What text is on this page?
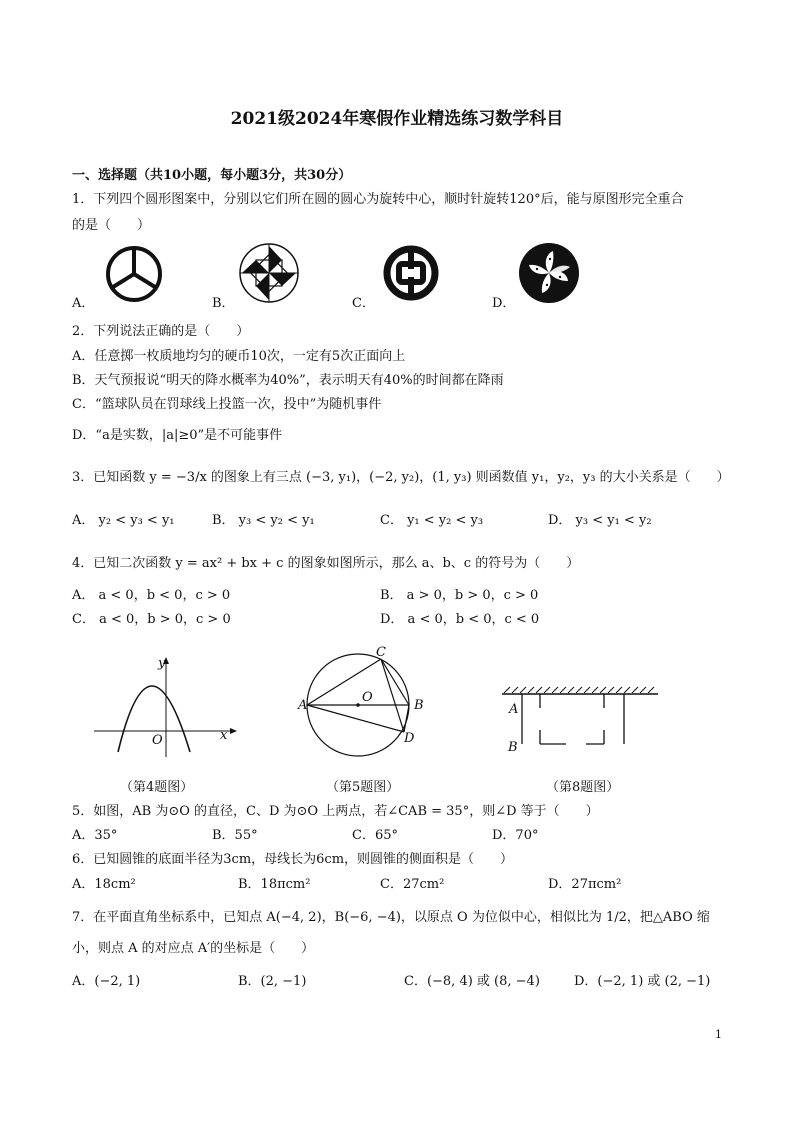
2021级2024年寒假作业精选练习数学科目
一、选择题（共10小题，每小题3分，共30分）
1．下列四个圆形图案中，分别以它们所在圆的圆心为旋转中心，顺时针旋转120°后，能与原图形完全重合
的是（　　）
A．	B．	C．	D．
2．下列说法正确的是（　　）
A．任意掷一枚质地均匀的硬币10次，一定有5次正面向上
B．天气预报说“明天的降水概率为40%”，表示明天有40%的时间都在降雨
C．“篮球队员在罚球线上投篮一次，投中”为随机事件
D．“a是实数，|a|≥0”是不可能事件
3．已知函数 y = −3/x 的图象上有三点 (−3, y₁)，(−2, y₂)，(1, y₃) 则函数值 y₁，y₂，y₃ 的大小关系是（　　）
A． y₂ < y₃ < y₁	B． y₃ < y₂ < y₁	C． y₁ < y₂ < y₃	D． y₃ < y₁ < y₂
4．已知二次函数 y = ax² + bx + c 的图象如图所示，那么 a、b、c 的符号为（　　）
A． a < 0，b < 0，c > 0	B． a > 0，b > 0，c > 0
C． a < 0，b > 0，c > 0	D． a < 0，b < 0，c < 0
y
x
O
C
A	B
O
D
A
B
（第4题图）	（第5题图）	（第8题图）
5．如图，AB 为⊙O 的直径，C、D 为⊙O 上两点，若∠CAB = 35°，则∠D 等于（　　）
A．35°	B．55°	C．65°	D．70°
6．已知圆锥的底面半径为3cm，母线长为6cm，则圆锥的侧面积是（　　）
A．18cm²	B．18πcm²	C．27cm²	D．27πcm²
7．在平面直角坐标系中，已知点 A(−4, 2)，B(−6, −4)，以原点 O 为位似中心，相似比为 1/2，把△ABO 缩
小，则点 A 的对应点 A′的坐标是（　　）
A．(−2, 1)	B．(2, −1)	C．(−8, 4) 或 (8, −4)	D．(−2, 1) 或 (2, −1)
1
